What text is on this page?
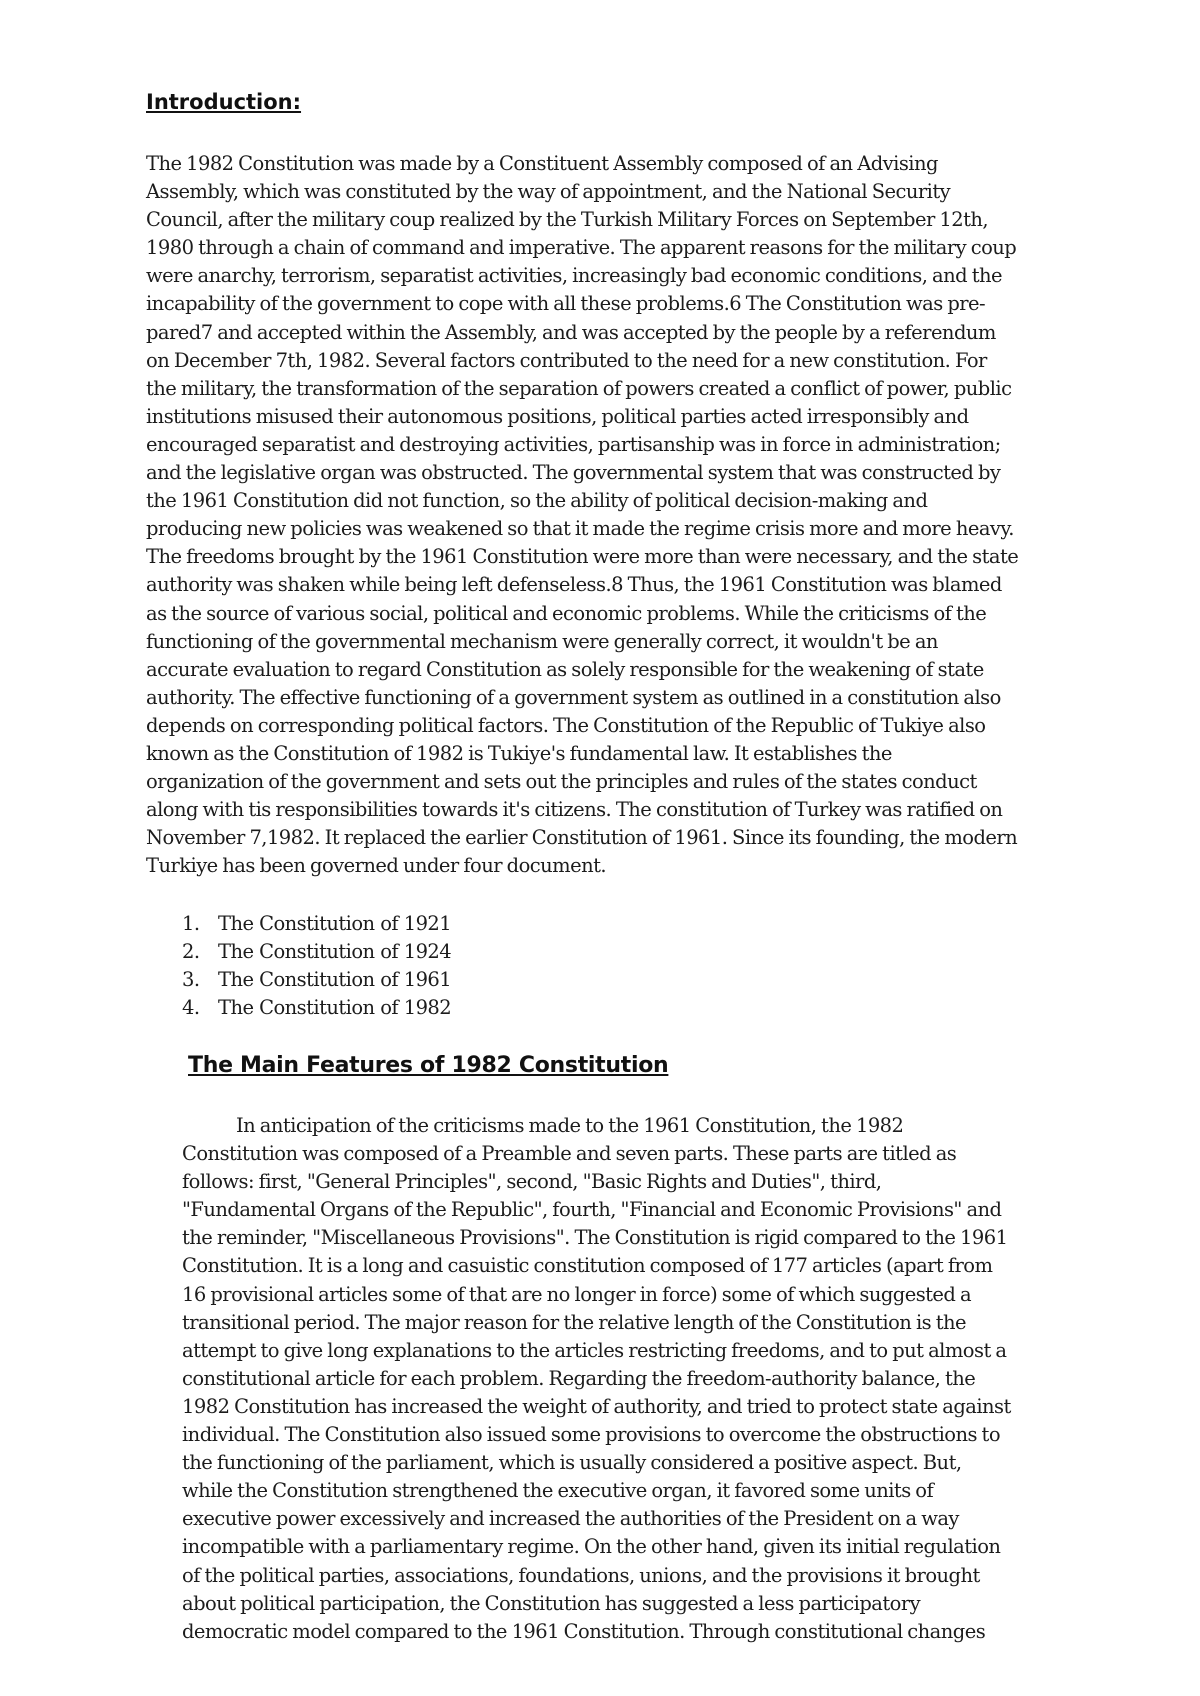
Introduction:

The 1982 Constitution was made by a Constituent Assembly composed of an Advising
Assembly, which was constituted by the way of appointment, and the National Security
Council, after the military coup realized by the Turkish Military Forces on September 12th,
1980 through a chain of command and imperative. The apparent reasons for the military coup
were anarchy, terrorism, separatist activities, increasingly bad economic conditions, and the
incapability of the government to cope with all these problems.6 The Constitution was pre-
pared7 and accepted within the Assembly, and was accepted by the people by a referendum
on December 7th, 1982. Several factors contributed to the need for a new constitution. For
the military, the transformation of the separation of powers created a conflict of power, public
institutions misused their autonomous positions, political parties acted irresponsibly and
encouraged separatist and destroying activities, partisanship was in force in administration;
and the legislative organ was obstructed. The governmental system that was constructed by
the 1961 Constitution did not function, so the ability of political decision-making and
producing new policies was weakened so that it made the regime crisis more and more heavy.
The freedoms brought by the 1961 Constitution were more than were necessary, and the state
authority was shaken while being left defenseless.8 Thus, the 1961 Constitution was blamed
as the source of various social, political and economic problems. While the criticisms of the
functioning of the governmental mechanism were generally correct, it wouldn't be an
accurate evaluation to regard Constitution as solely responsible for the weakening of state
authority. The effective functioning of a government system as outlined in a constitution also
depends on corresponding political factors. The Constitution of the Republic of Tukiye also
known as the Constitution of 1982 is Tukiye's fundamental law. It establishes the
organization of the government and sets out the principles and rules of the states conduct
along with tis responsibilities towards it's citizens. The constitution of Turkey was ratified on
November 7,1982. It replaced the earlier Constitution of 1961. Since its founding, the modern
Turkiye has been governed under four document.

1. The Constitution of 1921
2. The Constitution of 1924
3. The Constitution of 1961
4. The Constitution of 1982
The Main Features of 1982 Constitution

In anticipation of the criticisms made to the 1961 Constitution, the 1982
Constitution was composed of a Preamble and seven parts. These parts are titled as
follows: first, "General Principles", second, "Basic Rights and Duties", third,
"Fundamental Organs of the Republic", fourth, "Financial and Economic Provisions" and
the reminder, "Miscellaneous Provisions". The Constitution is rigid compared to the 1961
Constitution. It is a long and casuistic constitution composed of 177 articles (apart from
16 provisional articles some of that are no longer in force) some of which suggested a
transitional period. The major reason for the relative length of the Constitution is the
attempt to give long explanations to the articles restricting freedoms, and to put almost a
constitutional article for each problem. Regarding the freedom-authority balance, the
1982 Constitution has increased the weight of authority, and tried to protect state against
individual. The Constitution also issued some provisions to overcome the obstructions to
the functioning of the parliament, which is usually considered a positive aspect. But,
while the Constitution strengthened the executive organ, it favored some units of
executive power excessively and increased the authorities of the President on a way
incompatible with a parliamentary regime. On the other hand, given its initial regulation
of the political parties, associations, foundations, unions, and the provisions it brought
about political participation, the Constitution has suggested a less participatory
democratic model compared to the 1961 Constitution. Through constitutional changes
